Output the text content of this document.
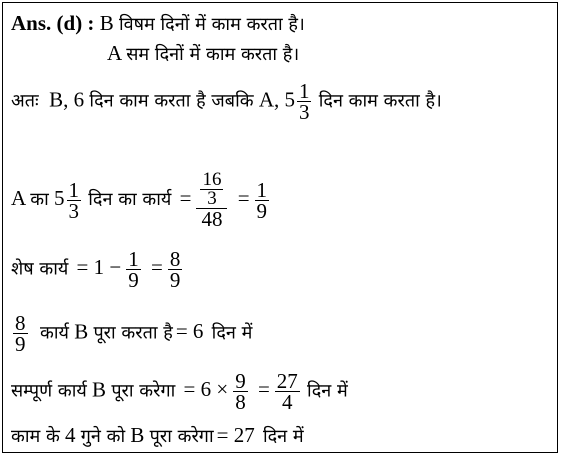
Ans. (d) : B विषम दिनों में काम करता है।
A सम दिनों में काम करता है।
अतः B, 6 दिन काम करता है जबकि A, $5 \frac{1}{3}$ दिन काम करता है।
A का $5 \frac{1}{3}$ दिन का कार्य = $\frac{\frac{16}{3}}{48} = \frac{1}{9}$
शेष कार्य = $1 - \frac{1}{9} = \frac{8}{9}$
$\frac{8}{9}$ कार्य B पूरा करता है = 6 दिन में
सम्पूर्ण कार्य B पूरा करेगा = $6 \times \frac{9}{8} = \frac{27}{4}$ दिन में
काम के 4 गुने को B पूरा करेगा = 27 दिन में
